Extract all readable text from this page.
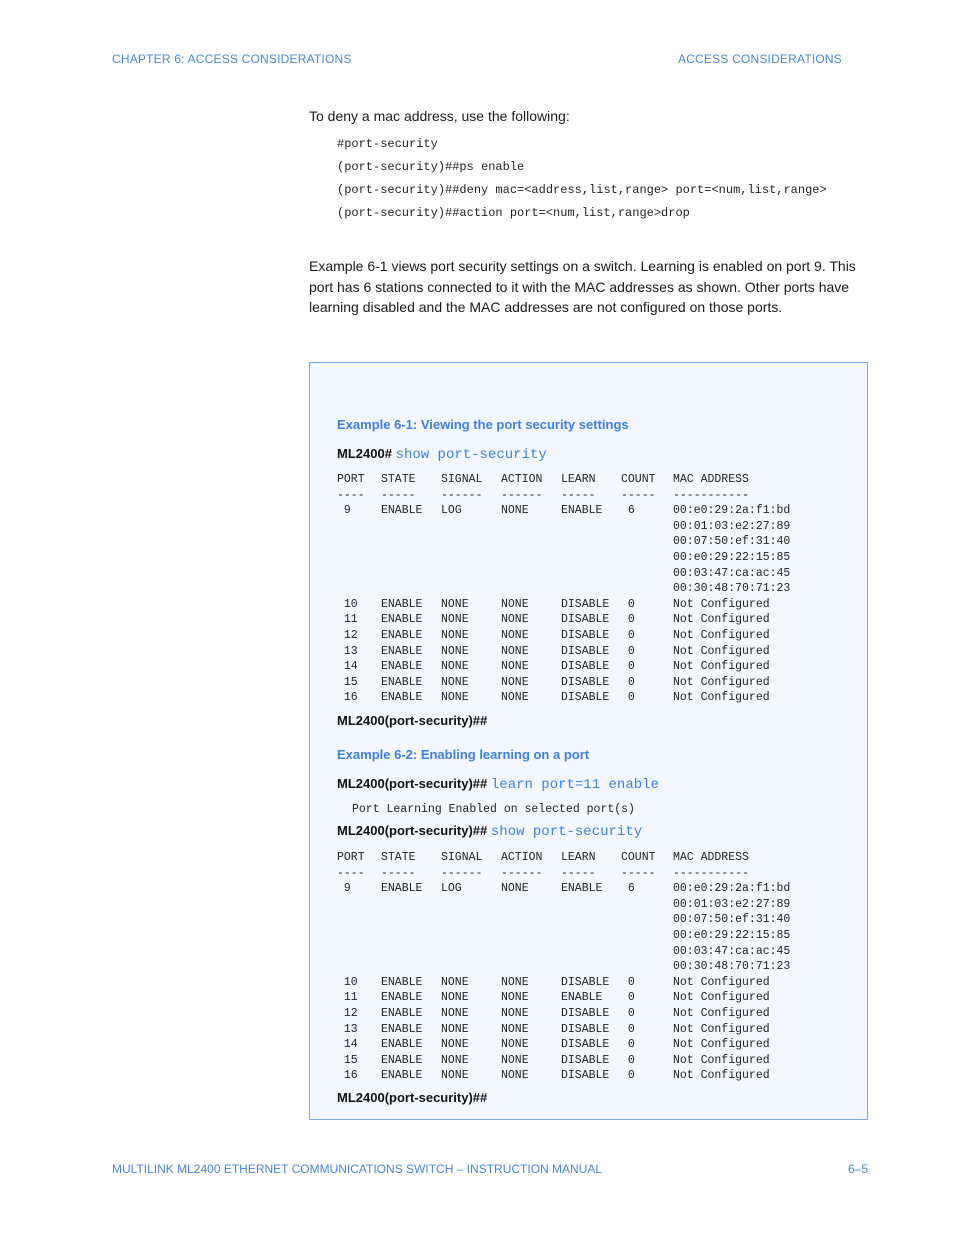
CHAPTER 6: ACCESS CONSIDERATIONS	ACCESS CONSIDERATIONS
To deny a mac address, use the following:
#port-security
(port-security)##ps enable
(port-security)##deny mac=<address,list,range> port=<num,list,range>
(port-security)##action port=<num,list,range>drop

Example 6-1 views port security settings on a switch. Learning is enabled on port 9. This

port has 6 stations connected to it with the MAC addresses as shown. Other ports have

learning disabled and the MAC addresses are not configured on those ports.

Example 6-1: Viewing the port security settings
ML2400# show port-security
PORT STATE SIGNAL ACTION LEARN COUNT MAC ADDRESS
---- ----- ------ ------ ----- ----- -----------
9	ENABLE LOG	NONE	ENABLE 6	00:e0:29:2a:f1:bd
00:01:03:e2:27:89
00:07:50:ef:31:40
00:e0:29:22:15:85
00:03:47:ca:ac:45
00:30:48:70:71:23
10 ENABLE NONE	NONE	DISABLE 0	Not Configured
11 ENABLE NONE	NONE	DISABLE 0	Not Configured
12 ENABLE NONE	NONE	DISABLE 0	Not Configured
13 ENABLE NONE	NONE	DISABLE 0	Not Configured
14 ENABLE NONE	NONE	DISABLE 0	Not Configured
15 ENABLE NONE	NONE	DISABLE 0	Not Configured
16 ENABLE NONE	NONE	DISABLE 0	Not Configured
ML2400(port-security)##
Example 6-2: Enabling learning on a port
ML2400(port-security)## learn port=11 enable
Port Learning Enabled on selected port(s)
ML2400(port-security)## show port-security
PORT STATE SIGNAL ACTION LEARN COUNT MAC ADDRESS
---- ----- ------ ------ ----- ----- -----------
9	ENABLE LOG	NONE	ENABLE 6	00:e0:29:2a:f1:bd
00:01:03:e2:27:89
00:07:50:ef:31:40
00:e0:29:22:15:85
00:03:47:ca:ac:45
00:30:48:70:71:23
10 ENABLE NONE	NONE	DISABLE 0	Not Configured
11 ENABLE NONE	NONE	ENABLE 0	Not Configured
12 ENABLE NONE	NONE	DISABLE 0	Not Configured
13 ENABLE NONE	NONE	DISABLE 0	Not Configured
14 ENABLE NONE	NONE	DISABLE 0	Not Configured
15 ENABLE NONE	NONE	DISABLE 0	Not Configured
16 ENABLE NONE	NONE	DISABLE 0	Not Configured
ML2400(port-security)##
MULTILINK ML2400 ETHERNET COMMUNICATIONS SWITCH – INSTRUCTION MANUAL	6–5
